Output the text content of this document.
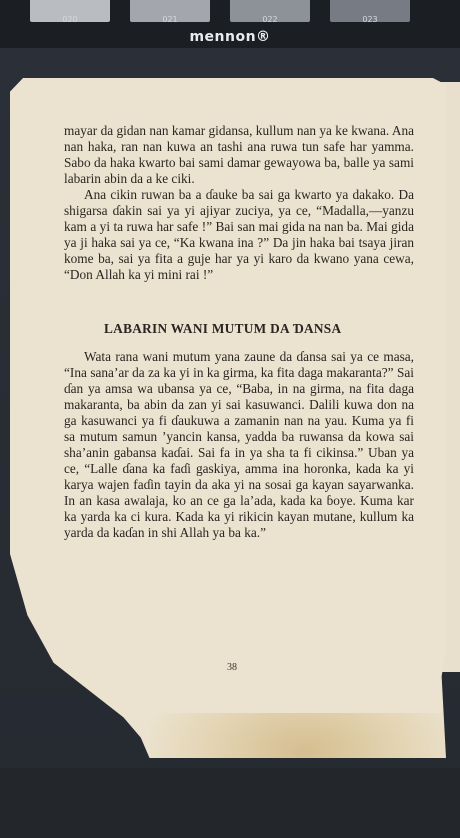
020	021	022	023
mennon®

mayar da gidan nan kamar gidansa, kullum nan ya ke kwana. Ana nan haka, ran nan kuwa an tashi ana ruwa tun safe har yamma. Sabo da haka kwarto bai sami damar gewayowa ba, balle ya sami labarin abin da a ke ciki.

Ana cikin ruwan ba a ɗauke ba sai ga kwarto ya dakako. Da shigarsa ɗakin sai ya yi ajiyar zuciya, ya ce, “Madalla,—yanzu kam a yi ta ruwa har safe !” Bai san mai gida na nan ba. Mai gida ya ji haka sai ya ce, “Ka kwana ina ?” Da jin haka bai tsaya jiran kome ba, sai ya fita a guje har ya yi karo da kwano yana cewa, “Don Allah ka yi mini rai !”

LABARIN WANI MUTUM DA ƊANSA

Wata rana wani mutum yana zaune da ɗansa sai ya ce masa, “Ina sana’ar da za ka yi in ka girma, ka fita daga makaranta?” Sai ɗan ya amsa wa ubansa ya ce, “Baba, in na girma, na fita daga makaranta, ba abin da zan yi sai kasuwanci. Dalili kuwa don na ga kasuwanci ya fi ɗaukuwa a zamanin nan na yau. Kuma ya fi sa mutum samun ’yancin kansa, yadda ba ruwansa da kowa sai sha’anin gabansa kaɗai. Sai fa in ya sha ta fi cikinsa.” Uban ya ce, “Lalle ɗana ka faɗi gaskiya, amma ina horonka, kada ka yi karya wajen faɗin tayin da aka yi na sosai ga kayan sayarwanka. In an kasa awalaja, ko an ce ga la’ada, kada ka ɓoye. Kuma kar ka yarda ka ci kura. Kada ka yi rikicin kayan mutane, kullum ka yarda da kaɗan in shi Allah ya ba ka.”

38
